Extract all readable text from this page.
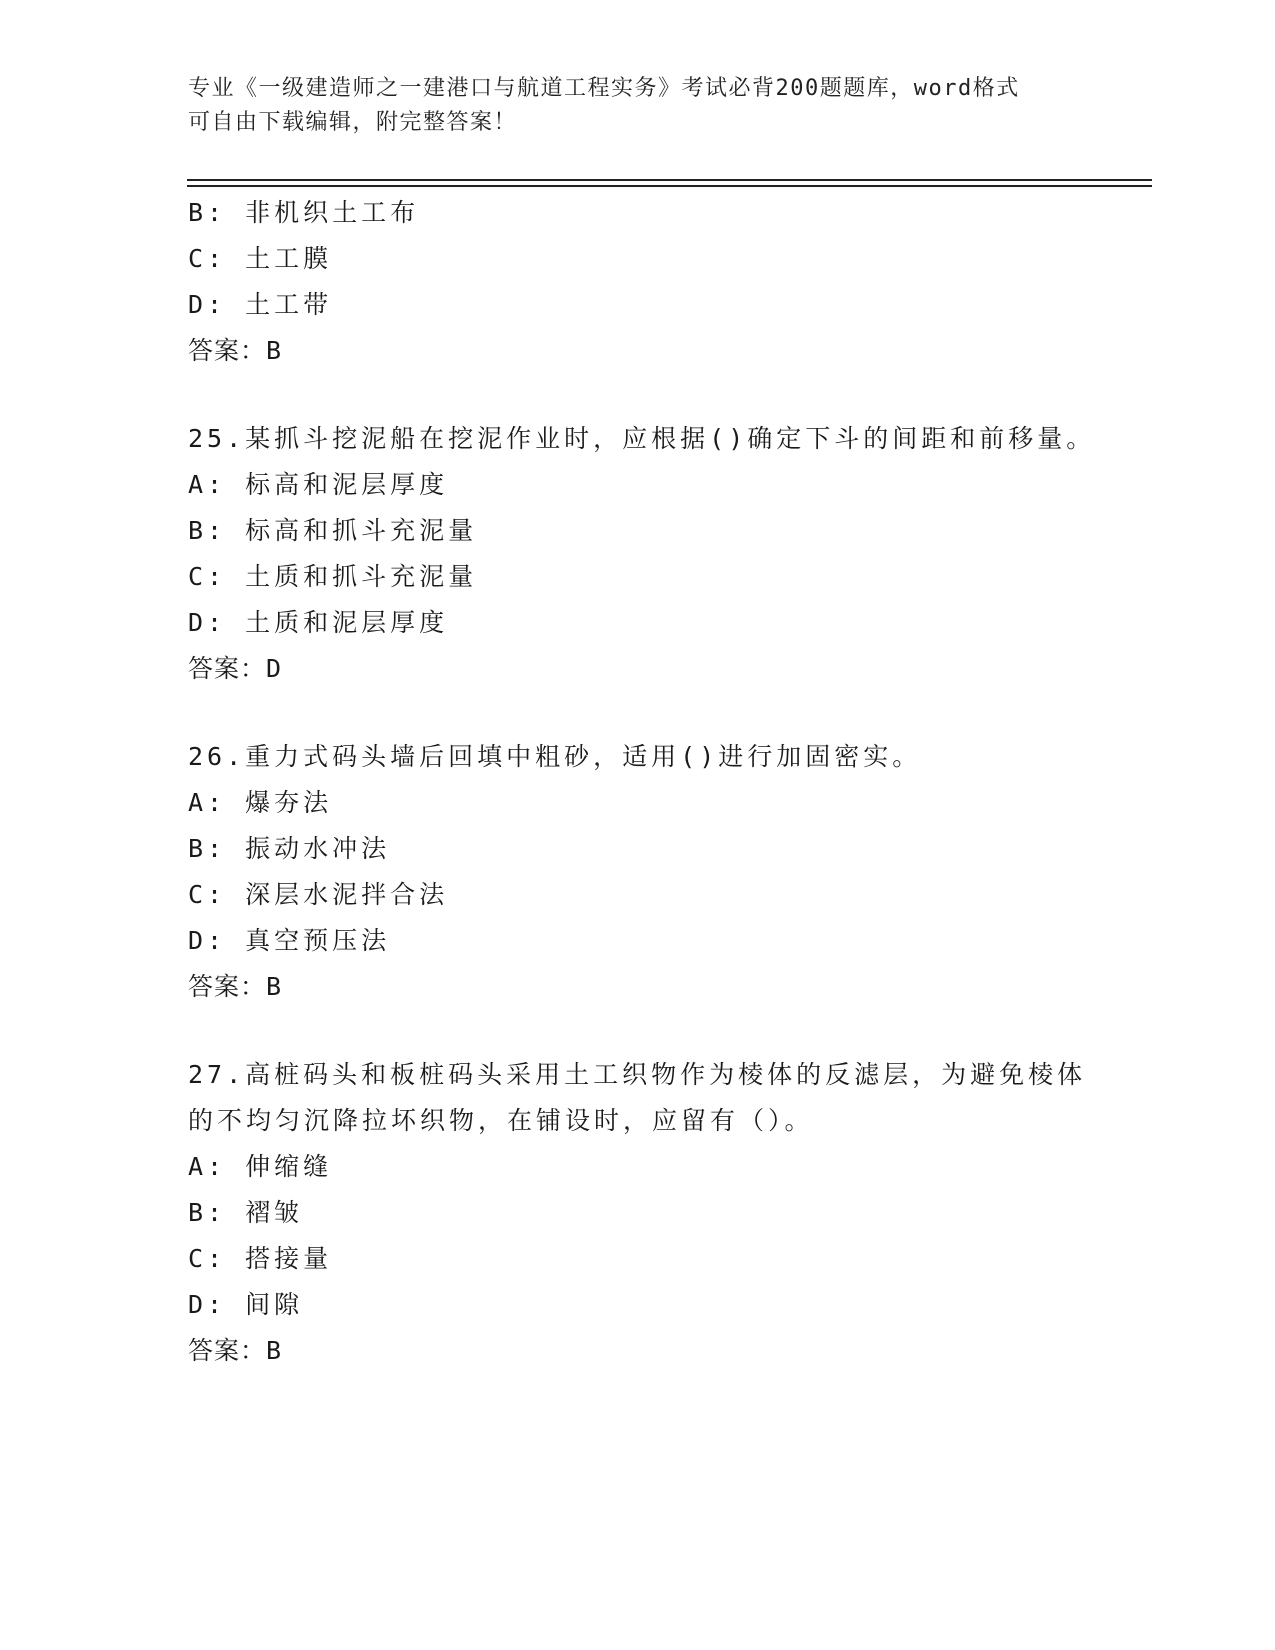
专业《一级建造师之一建港口与航道工程实务》考试必背200题题库，word格式
可自由下载编辑，附完整答案！
B: 非机织土工布
C: 土工膜
D: 土工带
答案：B
25.某抓斗挖泥船在挖泥作业时，应根据()确定下斗的间距和前移量。
A: 标高和泥层厚度
B: 标高和抓斗充泥量
C: 土质和抓斗充泥量
D: 土质和泥层厚度
答案：D
26.重力式码头墙后回填中粗砂，适用()进行加固密实。
A: 爆夯法
B: 振动水冲法
C: 深层水泥拌合法
D: 真空预压法
答案：B
27.高桩码头和板桩码头采用土工织物作为棱体的反滤层，为避免棱体
的不均匀沉降拉坏织物，在铺设时，应留有（）。
A: 伸缩缝
B: 褶皱
C: 搭接量
D: 间隙
答案：B
